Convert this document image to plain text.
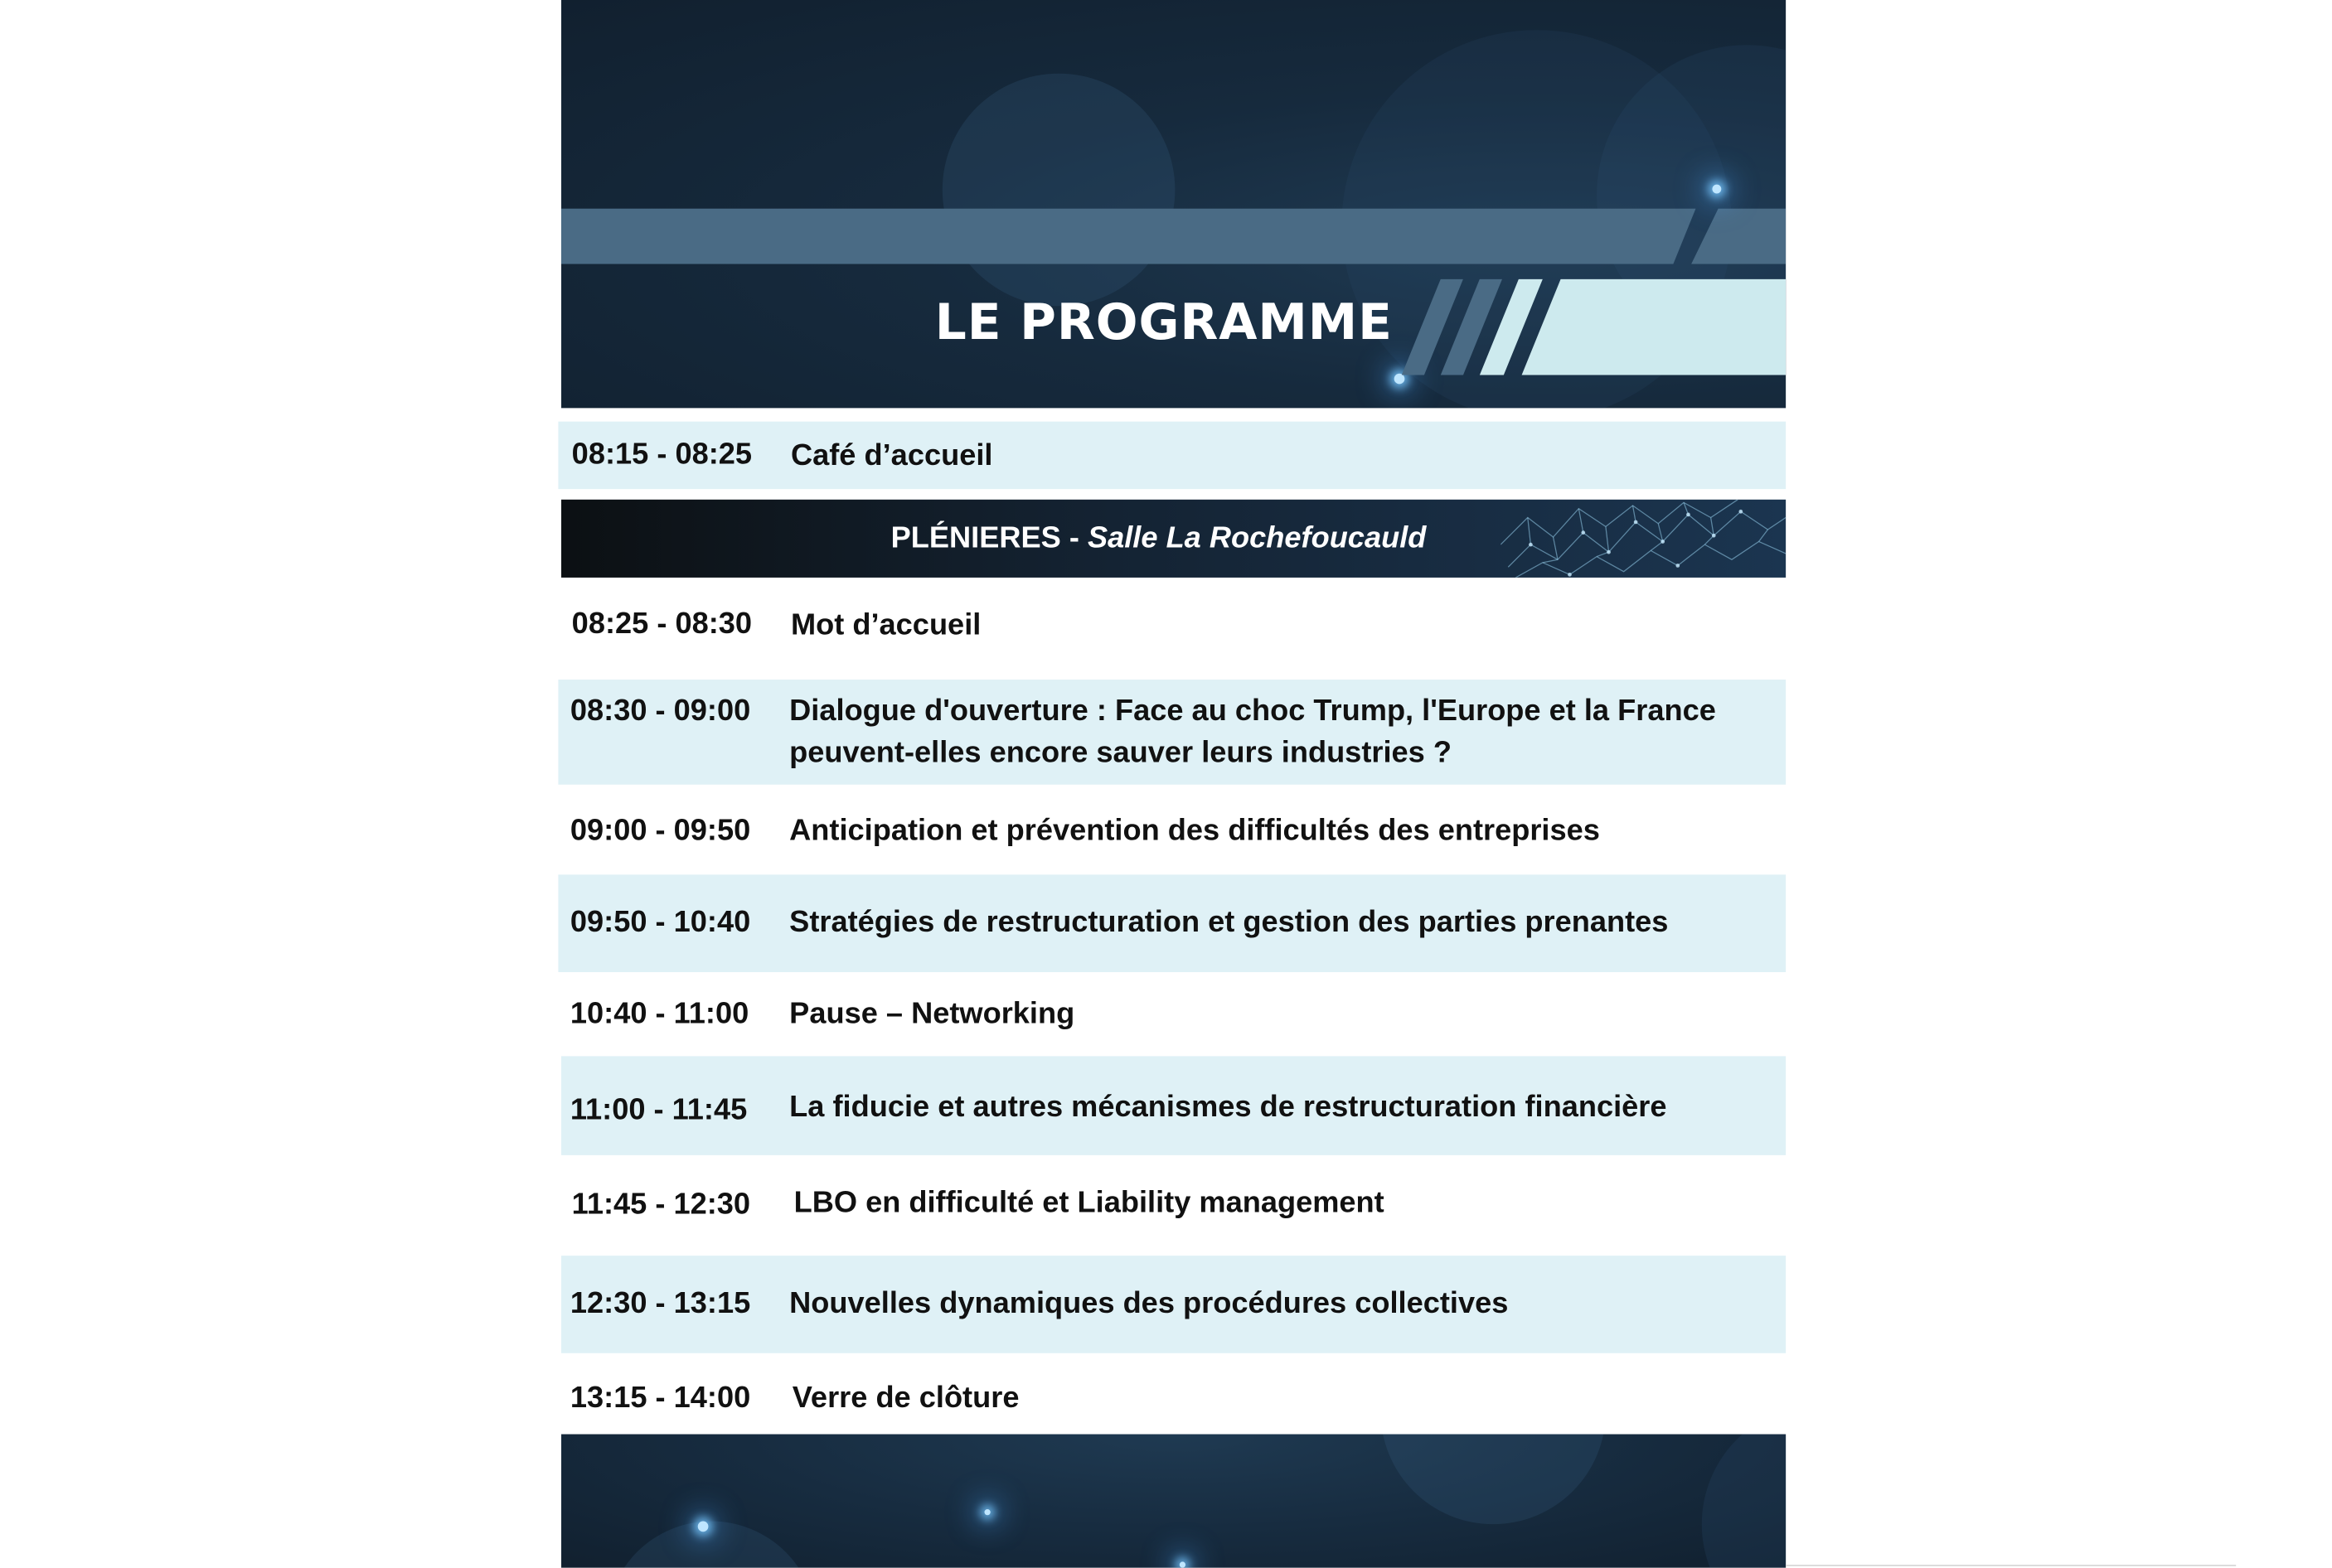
LE PROGRAMME
08:15 - 08:25 Café d’accueil
PLÉNIERES - Salle La Rochefoucauld
08:25 - 08:30 Mot d’accueil
08:30 - 09:00 Dialogue d'ouverture : Face au choc Trump, l'Europe et la France peuvent-elles encore sauver leurs industries ?
09:00 - 09:50 Anticipation et prévention des difficultés des entreprises
09:50 - 10:40 Stratégies de restructuration et gestion des parties prenantes
10:40 - 11:00 Pause – Networking
11:00 - 11:45	La fiducie et autres mécanismes de restructuration financière
11:45 - 12:30	LBO en difficulté et Liability management
12:30 - 13:15 Nouvelles dynamiques des procédures collectives
13:15 - 14:00	Verre de clôture
